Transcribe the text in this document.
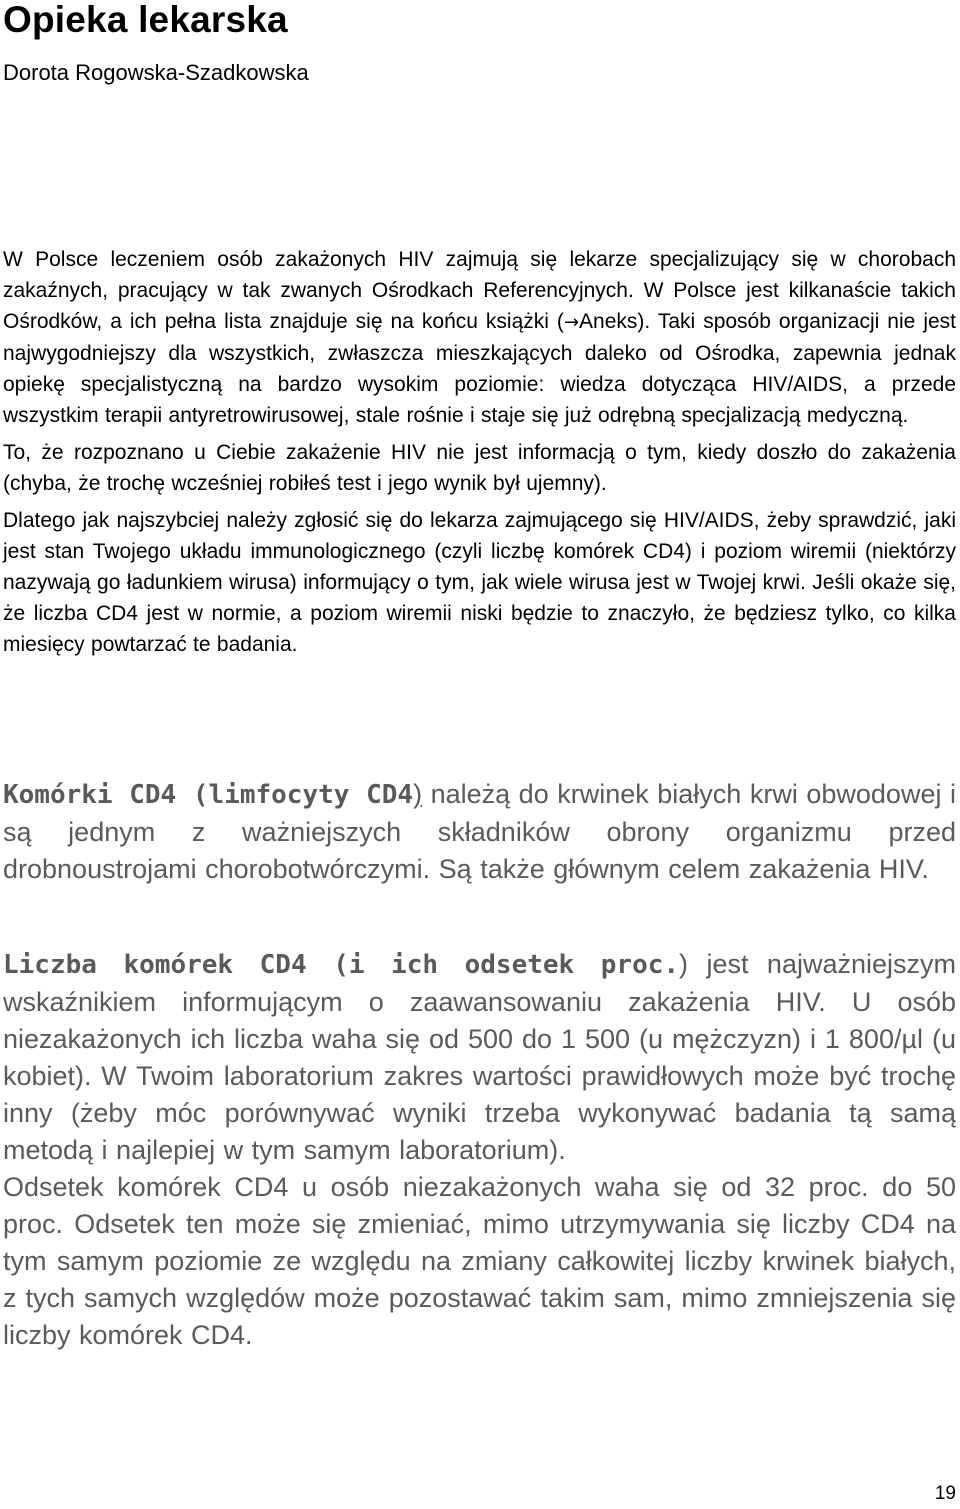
Opieka lekarska

Dorota Rogowska-Szadkowska

W Polsce leczeniem osób zakażonych HIV zajmują się lekarze specjalizujący się w chorobach zakaźnych, pracujący w tak zwanych Ośrodkach Referencyjnych. W Polsce jest kilkanaście takich Ośrodków, a ich pełna lista znajduje się na końcu książki (→Aneks). Taki sposób organizacji nie jest najwygodniejszy dla wszystkich, zwłaszcza mieszkających daleko od Ośrodka, zapewnia jednak opiekę specjalistyczną na bardzo wysokim poziomie: wiedza dotycząca HIV/AIDS, a przede wszystkim terapii antyretrowirusowej, stale rośnie i staje się już odrębną specjalizacją medyczną.

To, że rozpoznano u Ciebie zakażenie HIV nie jest informacją o tym, kiedy doszło do zakażenia (chyba, że trochę wcześniej robiłeś test i jego wynik był ujemny).

Dlatego jak najszybciej należy zgłosić się do lekarza zajmującego się HIV/AIDS, żeby sprawdzić, jaki jest stan Twojego układu immunologicznego (czyli liczbę komórek CD4) i poziom wiremii (niektórzy nazywają go ładunkiem wirusa) informujący o tym, jak wiele wirusa jest w Twojej krwi. Jeśli okaże się, że liczba CD4 jest w normie, a poziom wiremii niski będzie to znaczyło, że będziesz tylko, co kilka miesięcy powtarzać te badania.

Komórki CD4 (limfocyty CD4) należą do krwinek białych krwi obwodowej i są jednym z ważniejszych składników obrony organizmu przed drobnoustrojami chorobotwórczymi. Są także głównym celem zakażenia HIV.

Liczba komórek CD4 (i ich odsetek proc.) jest najważniejszym wskaźnikiem informującym o zaawansowaniu zakażenia HIV. U osób niezakażonych ich liczba waha się od 500 do 1 500 (u mężczyzn) i 1 800/µl (u kobiet). W Twoim laboratorium zakres wartości prawidłowych może być trochę inny (żeby móc porównywać wyniki trzeba wykonywać badania tą samą metodą i najlepiej w tym samym laboratorium).

Odsetek komórek CD4 u osób niezakażonych waha się od 32 proc. do 50 proc. Odsetek ten może się zmieniać, mimo utrzymywania się liczby CD4 na tym samym poziomie ze względu na zmiany całkowitej liczby krwinek białych, z tych samych względów może pozostawać takim sam, mimo zmniejszenia się liczby komórek CD4.

19
